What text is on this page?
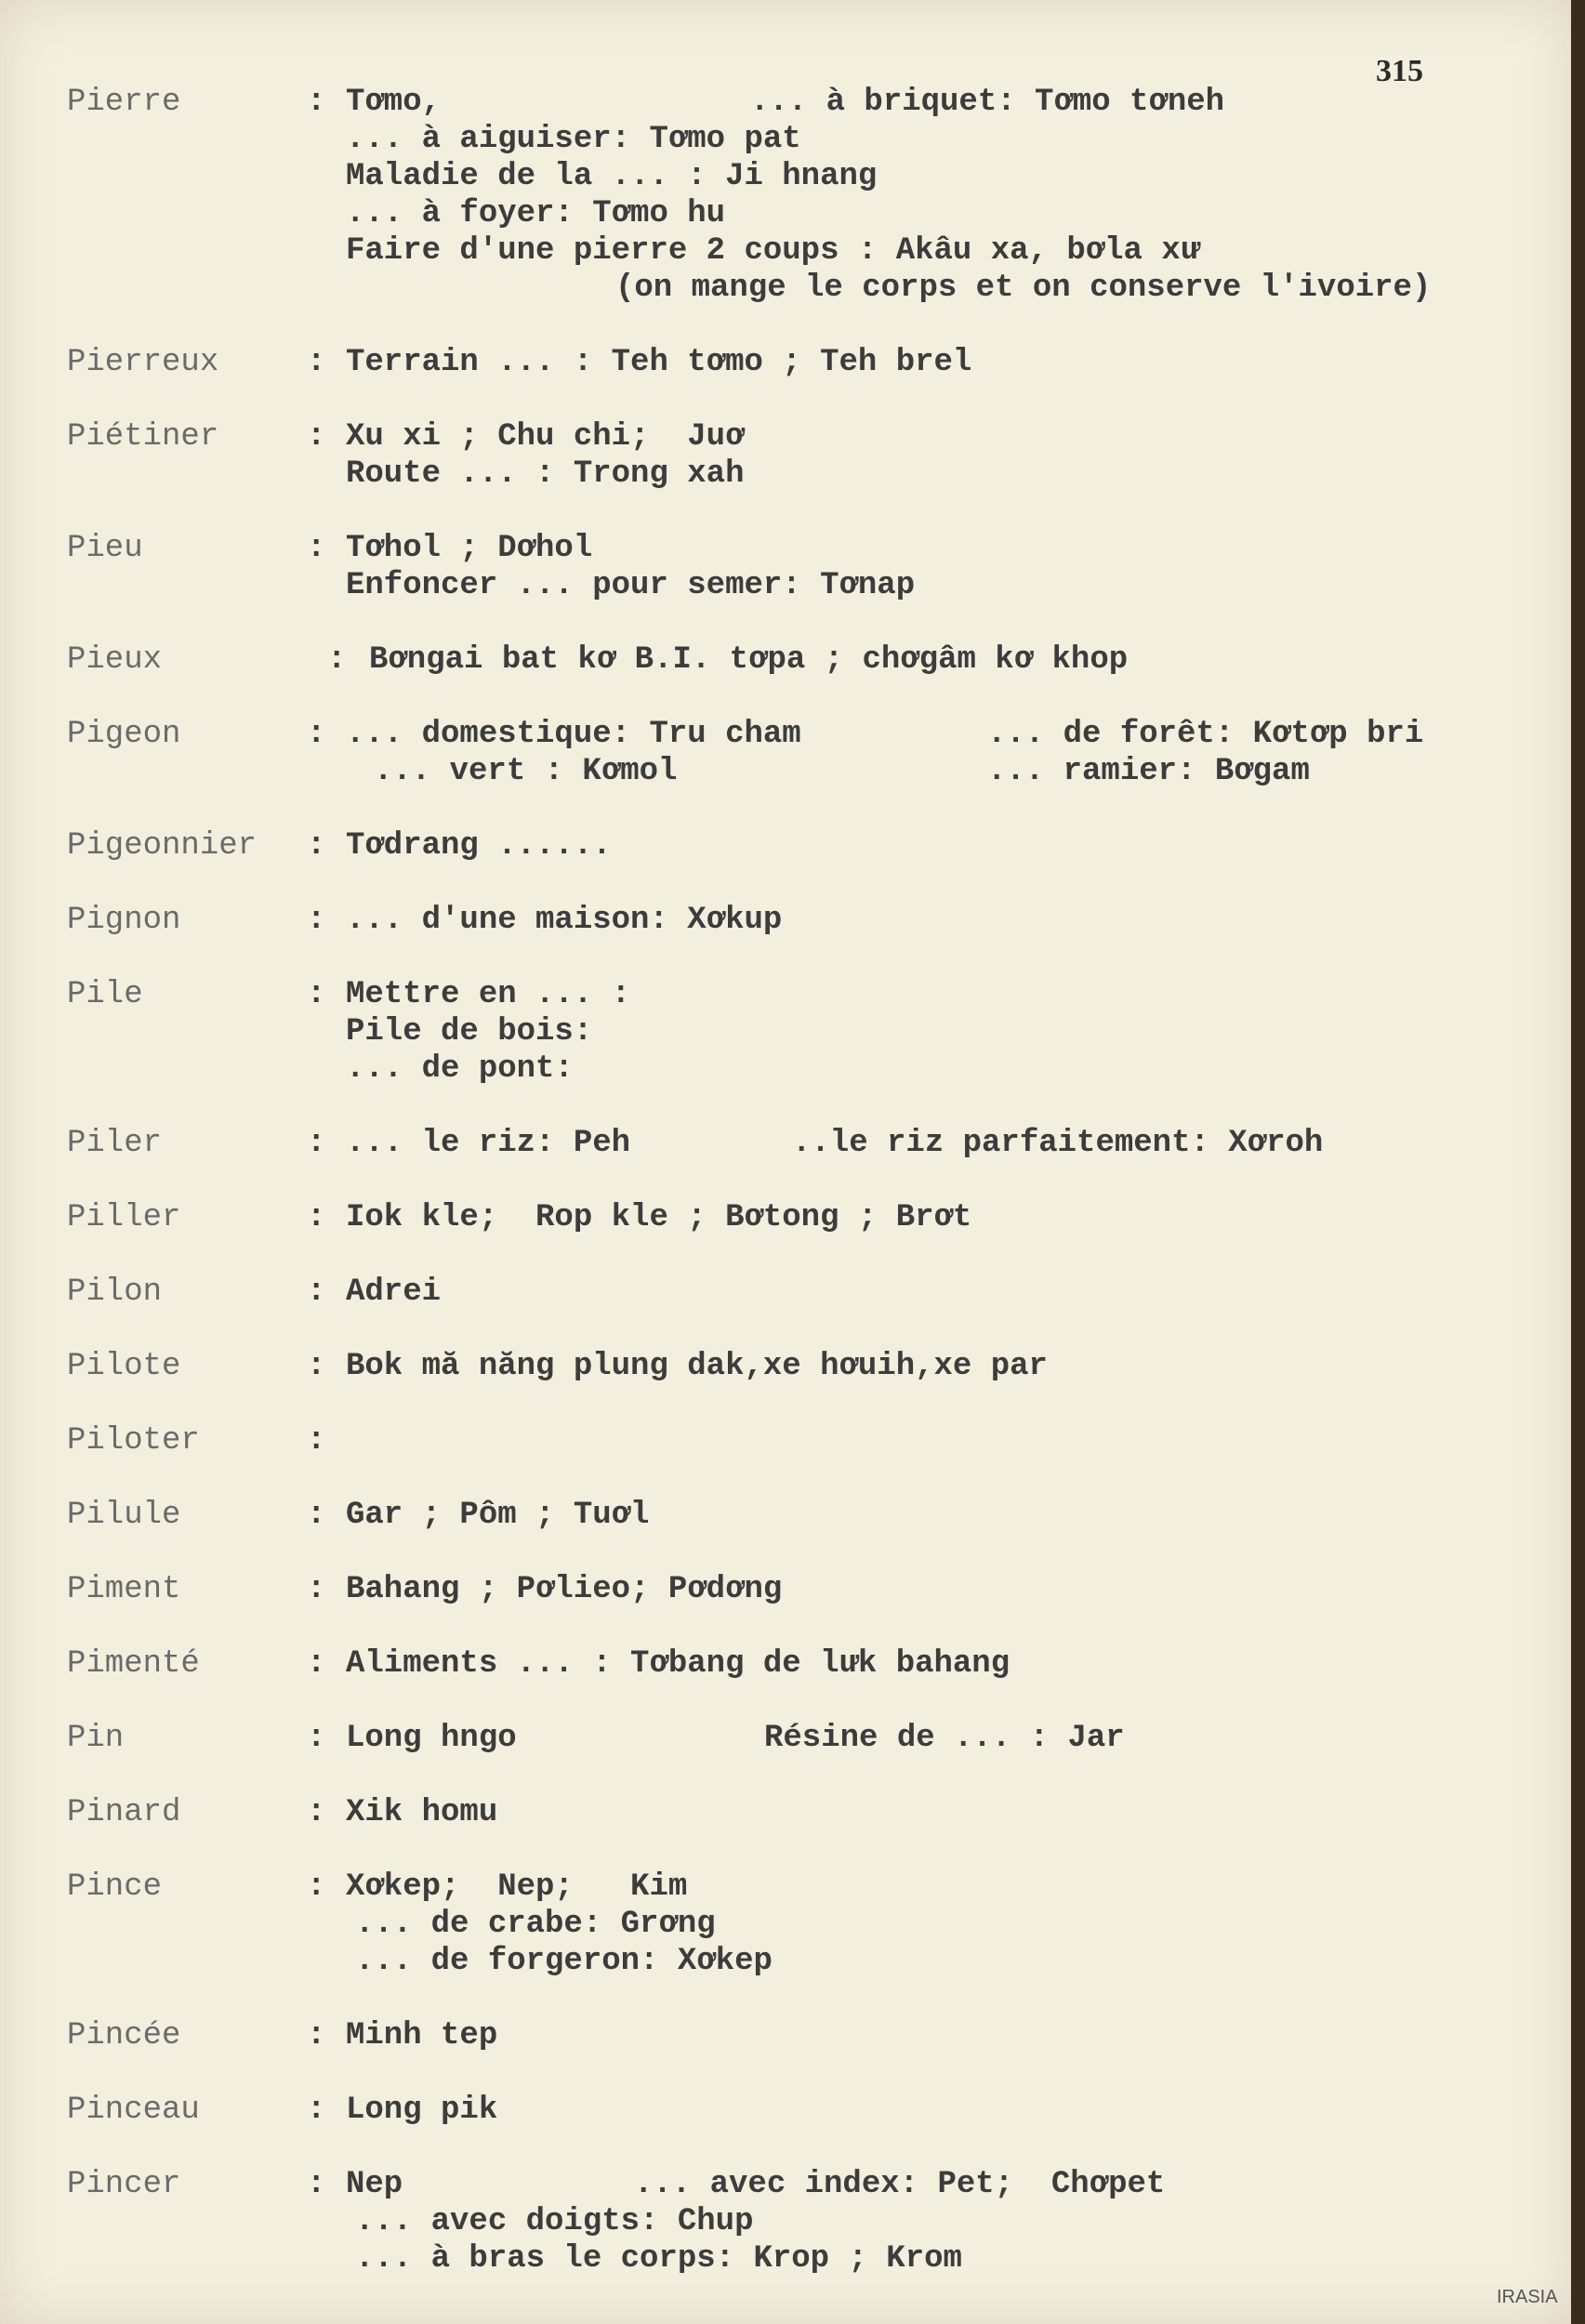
315
Pierre	: Tơmo,	... à briquet: Tơmo tơneh
... à aiguiser: Tơmo pat
Maladie de la ... : Ji hnang
... à foyer: Tơmo hu
Faire d'une pierre 2 coups : Akâu xa, bơla xư
(on mange le corps et on conserve l'ivoire)
Pierreux	: Terrain ... : Teh tơmo ; Teh brel
Piétiner	: Xu xi ; Chu chi;  Juơ
Route ... : Trong xah
Pieu	: Tơhol ; Dơhol
Enfoncer ... pour semer: Tơnap
Pieux	: Bơngai bat kơ B.I. tơpa ; chơgâm kơ khop
Pigeon	: ... domestique: Tru cham	... de forêt: Kơtơp bri
... vert : Kơmol	... ramier: Bơgam
Pigeonnier : Tơdrang ......
Pignon	: ... d'une maison: Xơkup
Pile	: Mettre en ... :
Pile de bois:
... de pont:
Piler	: ... le riz: Peh	..le riz parfaitement: Xơroh
Piller	: Iok kle;  Rop kle ; Bơtong ; Brơt
Pilon	: Adrei
Pilote	: Bok mă năng plung dak,xe hơuih,xe par
Piloter	:
Pilule	: Gar ; Pôm ; Tuơl
Piment	: Bahang ; Pơlieo; Pơdơng
Pimenté	: Aliments ... : Tơbang de lưk bahang
Pin	: Long hngo	Résine de ... : Jar
Pinard	: Xik homu
Pince	: Xơkep;  Nep;   Kim
... de crabe: Grơng
... de forgeron: Xơkep
Pincée	: Minh tep
Pinceau	: Long pik
Pincer	: Nep	... avec index: Pet;  Chơpet
... avec doigts: Chup
... à bras le corps: Krop ; Krom
IRASIA
